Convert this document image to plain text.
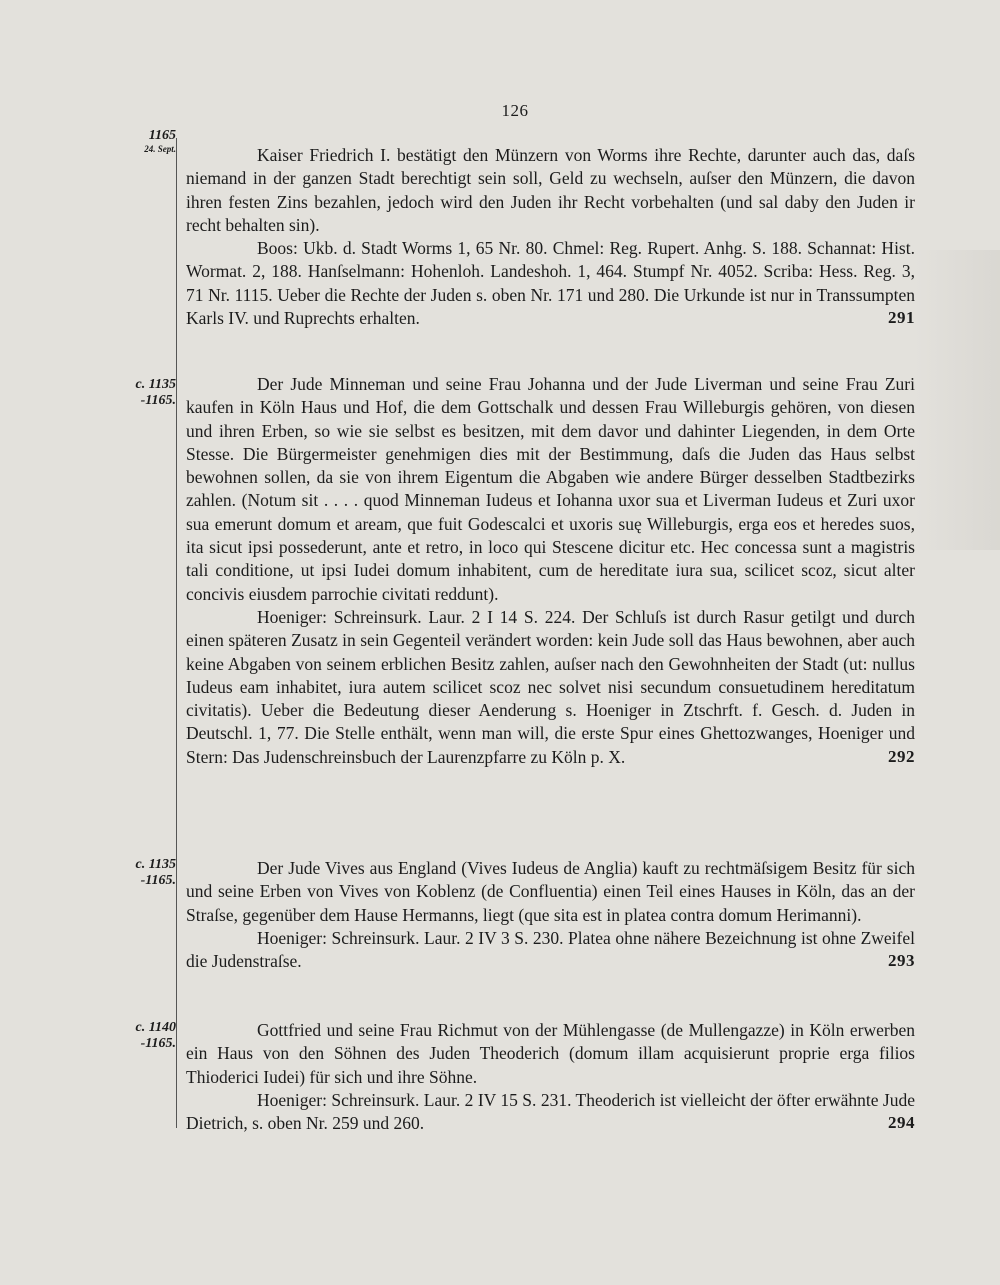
126
1165
24. Sept.	Kaiser Friedrich I. bestätigt den Münzern von Worms ihre Rechte, darunter auch das, daſs niemand in der ganzen Stadt berechtigt sein soll, Geld zu wechseln, auſser den Münzern, die davon ihren festen Zins bezahlen, jedoch wird den Juden ihr Recht vorbehalten (und sal daby den Juden ir recht behalten sin).

Boos: Ukb. d. Stadt Worms 1, 65 Nr. 80. Chmel: Reg. Rupert. Anhg. S. 188. Schannat: Hist. Wormat. 2, 188. Hanſselmann: Hohenloh. Landeshoh. 1, 464. Stumpf Nr. 4052. Scriba: Hess. Reg. 3, 71 Nr. 1115. Ueber die Rechte der Juden s. oben Nr. 171 und 280. Die Urkunde ist nur in Transsumpten Karls IV. und Ruprechts erhalten.	291

c. 1135
-1165.

Der Jude Minneman und seine Frau Johanna und der Jude Liverman und seine Frau Zuri kaufen in Köln Haus und Hof, die dem Gottschalk und dessen Frau Willeburgis gehören, von diesen und ihren Erben, so wie sie selbst es besitzen, mit dem davor und dahinter Liegenden, in dem Orte Stesse. Die Bürgermeister genehmigen dies mit der Bestimmung, daſs die Juden das Haus selbst bewohnen sollen, da sie von ihrem Eigentum die Abgaben wie andere Bürger desselben Stadtbezirks zahlen. (Notum sit . . . . quod Minneman Iudeus et Iohanna uxor sua et Liverman Iudeus et Zuri uxor sua emerunt domum et aream, que fuit Godescalci et uxoris suę Willeburgis, erga eos et heredes suos, ita sicut ipsi possederunt, ante et retro, in loco qui Stescene dicitur etc. Hec concessa sunt a magistris tali conditione, ut ipsi Iudei domum inhabitent, cum de hereditate iura sua, scilicet scoz, sicut alter concivis eiusdem parrochie civitati reddunt).

Hoeniger: Schreinsurk. Laur. 2 I 14 S. 224. Der Schluſs ist durch Rasur getilgt und durch einen späteren Zusatz in sein Gegenteil verändert worden: kein Jude soll das Haus bewohnen, aber auch keine Abgaben von seinem erblichen Besitz zahlen, auſser nach den Gewohnheiten der Stadt (ut: nullus Iudeus eam inhabitet, iura autem scilicet scoz nec solvet nisi secundum consuetudinem hereditatum civitatis). Ueber die Bedeutung dieser Aenderung s. Hoeniger in Ztschrft. f. Gesch. d. Juden in Deutschl. 1, 77. Die Stelle enthält, wenn man will, die erste Spur eines Ghettozwanges, Hoeniger und Stern: Das Judenschreinsbuch der Laurenzpfarre zu Köln p. X.	292

c. 1135
-1165.

Der Jude Vives aus England (Vives Iudeus de Anglia) kauft zu rechtmäſsigem Besitz für sich und seine Erben von Vives von Koblenz (de Confluentia) einen Teil eines Hauses in Köln, das an der Straſse, gegenüber dem Hause Hermanns, liegt (que sita est in platea contra domum Herimanni).

Hoeniger: Schreinsurk. Laur. 2 IV 3 S. 230. Platea ohne nähere Bezeichnung ist ohne Zweifel die Judenstraſse.	293

c. 1140
-1165.

Gottfried und seine Frau Richmut von der Mühlengasse (de Mullengazze) in Köln erwerben ein Haus von den Söhnen des Juden Theoderich (domum illam acquisierunt proprie erga filios Thioderici Iudei) für sich und ihre Söhne.

Hoeniger: Schreinsurk. Laur. 2 IV 15 S. 231. Theoderich ist vielleicht der öfter erwähnte Jude Dietrich, s. oben Nr. 259 und 260.	294
